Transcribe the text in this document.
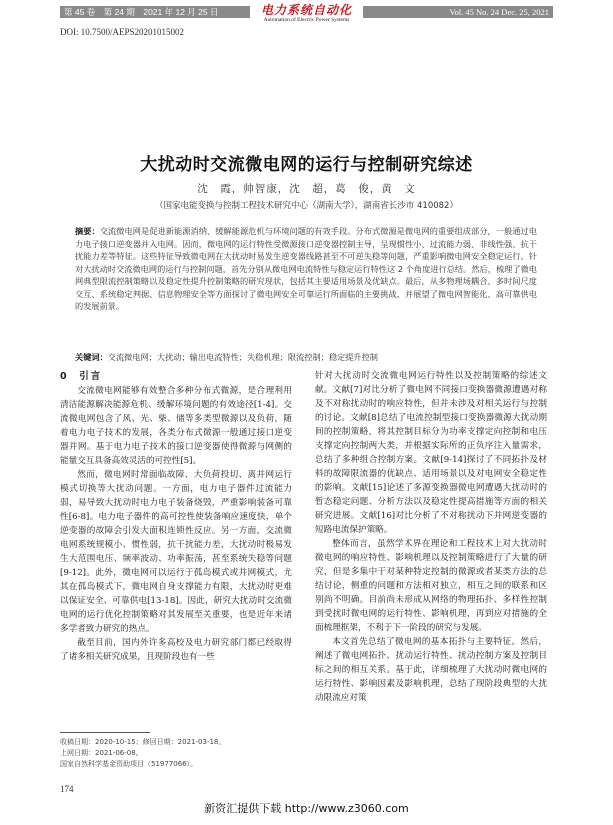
第 45 卷　第 24 期　2021 年 12 月 25 日	电力系统自动化
Automation of Electric Power Systems
Vol. 45 No. 24 Dec. 25, 2021
DOI: 10.7500/AEPS20201015002
大扰动时交流微电网的运行与控制研究综述
沈　霞，帅智康，沈　超，葛　俊，黄　文
（国家电能变换与控制工程技术研究中心（湖南大学），湖南省长沙市 410082）
摘要：交流微电网是促进新能源消纳、缓解能源危机与环境问题的有效手段。分布式微源是微电网的重要组成部分，一般通过电力电子接口逆变器并入电网。因而，微电网的运行特性受微源接口逆变器控制主导，呈现惯性小、过流能力弱、非线性强、抗干扰能力差等特征。这些特征导致微电网在大扰动时易发生逆变器线路甚至不可逆失稳等问题，严重影响微电网安全稳定运行。针对大扰动时交流微电网的运行与控制问题，首先分别从微电网电流特性与稳定运行特性这 2 个角度进行总结。然后，梳理了微电网典型限流控制策略以及稳定性提升控制策略的研究现状，包括其主要适用场景及优缺点。最后，从多物理场耦合、多时间尺度交互、系统稳定判据、信息物理安全等方面探讨了微电网安全可靠运行所面临的主要挑战，并展望了微电网智能化、高可靠供电的发展前景。
关键词：交流微电网；大扰动；输出电流特性；失稳机理；限流控制；稳定提升控制

0 引言

交流微电网能够有效整合多种分布式微源，是合理利用清洁能源解决能源危机、缓解环境问题的有效途径[1-4]。交流微电网包含了风、光、柴、储等多类型微源以及负荷，随着电力电子技术的发展，各类分布式微源一般通过接口逆变器并网。基于电力电子技术的接口逆变器使得微源与网侧的能量交互具备高效灵活的可控性[5]。

然而，微电网时常面临故障、大负荷投切、离并网运行模式切换等大扰动问题。一方面，电力电子器件过流能力弱，易导致大扰动时电力电子装备烧毁，严重影响装备可靠性[6-8]。电力电子器件的高可控性使装备响应速度快，单个逆变器的故障会引发大面积连锁性反应。另一方面，交流微电网系统规模小、惯性弱，抗干扰能力差，大扰动时极易发生大范围电压、频率波动、功率振荡，甚至系统失稳等问题[9-12]。此外，微电网可以运行于孤岛模式或并网模式，尤其在孤岛模式下，微电网自身支撑能力有限，大扰动时更难以保证安全、可靠供电[13-18]。因此，研究大扰动时交流微电网的运行优化控制策略对其发展至关重要，也是近年来诸多学者致力研究的热点。

截至目前，国内外许多高校及电力研究部门都已经取得了诸多相关研究成果，且现阶段也有一些

针对大扰动时交流微电网运行特性以及控制策略的综述文献。文献[7]对比分析了微电网不同接口变换器微源遭遇对称及不对称扰动时的响应特性，但并未涉及对相关运行与控制的讨论。文献[8]总结了电流控制型接口变换器微源大扰动期间的控制策略，将其控制目标分为功率支撑定向控制和电压支撑定向控制两大类，并根据实际所的正负序注入量需求，总结了多种组合控制方案。文献[9-14]探讨了不同拓扑及材料的故障限流器的优缺点、适用场景以及对电网安全稳定性的影响。文献[15]论述了多源变换器微电网遭遇大扰动时的暂态稳定问题、分析方法以及稳定性提高措施等方面的相关研究进展。文献[16]对比分析了不对称扰动下并网逆变器的短路电流保护策略。

整体而言，虽然学术界在理论和工程技术上对大扰动时微电网的响应特性、影响机理以及控制策略进行了大量的研究，但是多集中于对某种特定控制的微源或者某类方法的总结讨论，侧重的问题和方法相对独立，相互之间的联系和区别尚不明确。目前尚未形成从网络的物理拓扑、多样性控制到受扰时微电网的运行特性、影响机理，再到应对措施的全面梳理框架，不利于下一阶段的研究与发展。

本文首先总结了微电网的基本拓扑与主要特征。然后，阐述了微电网拓扑、扰动运行特性、扰动控制方案及控制目标之间的相互关系。基于此，详细梳理了大扰动时微电网的运行特性、影响因素及影响机理，总结了现阶段典型的大扰动限流应对策

收稿日期：2020-10-15；修回日期：2021-03-18。
上网日期：2021-06-08。
国家自然科学基金资助项目（51977066）。
174
新资汇提供下载 http://www.z3060.com
